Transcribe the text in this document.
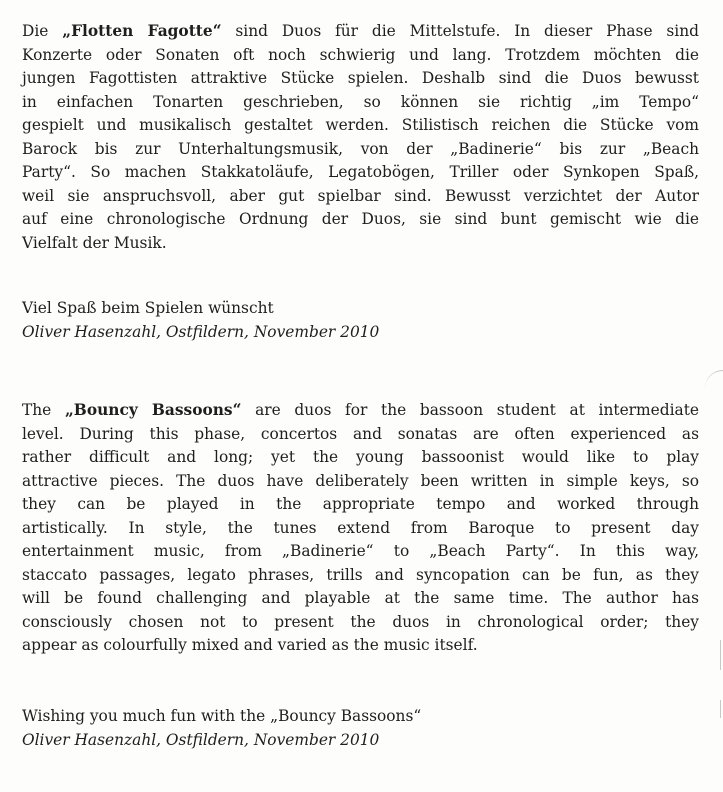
Die „Flotten Fagotte“ sind Duos für die Mittelstufe. In dieser Phase sind
Konzerte oder Sonaten oft noch schwierig und lang. Trotzdem möchten die
jungen Fagottisten attraktive Stücke spielen. Deshalb sind die Duos bewusst
in einfachen Tonarten geschrieben, so können sie richtig „im Tempo“
gespielt und musikalisch gestaltet werden. Stilistisch reichen die Stücke vom
Barock bis zur Unterhaltungsmusik, von der „Badinerie“ bis zur „Beach
Party“. So machen Stakkatoläufe, Legatobögen, Triller oder Synkopen Spaß,
weil sie anspruchsvoll, aber gut spielbar sind. Bewusst verzichtet der Autor
auf eine chronologische Ordnung der Duos, sie sind bunt gemischt wie die
Vielfalt der Musik.

Viel Spaß beim Spielen wünscht
Oliver Hasenzahl, Ostfildern, November 2010

The „Bouncy Bassoons“ are duos for the bassoon student at intermediate
level. During this phase, concertos and sonatas are often experienced as
rather difficult and long; yet the young bassoonist would like to play
attractive pieces. The duos have deliberately been written in simple keys, so
they can be played in the appropriate tempo and worked through
artistically. In style, the tunes extend from Baroque to present day
entertainment music, from „Badinerie“ to „Beach Party“. In this way,
staccato passages, legato phrases, trills and syncopation can be fun, as they
will be found challenging and playable at the same time. The author has
consciously chosen not to present the duos in chronological order; they
appear as colourfully mixed and varied as the music itself.

Wishing you much fun with the „Bouncy Bassoons“
Oliver Hasenzahl, Ostfildern, November 2010
